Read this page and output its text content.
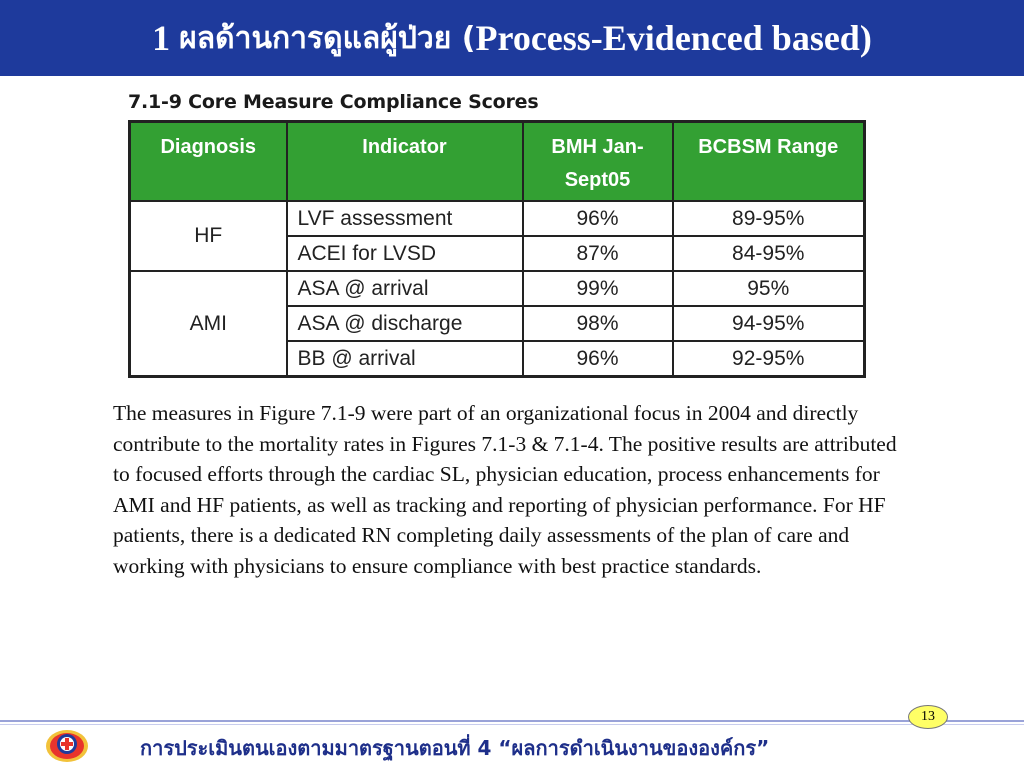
1
ผลด้านการดูแลผู้ป่วย ( Process-Evidenced based )
7.1-9 Core Measure Compliance Scores
Diagnosis	Indicator	BMH Jan-Sept05	BCBSM Range
HF	LVF assessment	96%	89-95%
	ACEI for LVSD	87%	84-95%
AMI	ASA @ arrival	99%	95%
	ASA @ discharge	98%	94-95%
	BB @ arrival	96%	92-95%
The measures in Figure 7.1-9 were part of an organizational focus in 2004 and directly contribute to the mortality rates in Figures 7.1-3 & 7.1-4. The positive results are attributed to focused efforts through the cardiac SL, physician education, process enhancements for AMI and HF patients, as well as tracking and reporting of physician performance. For HF patients, there is a dedicated RN completing daily assessments of the plan of care and working with physicians to ensure compliance with best practice standards.
13
การประเมินตนเองตามมาตรฐานตอนที่ 4 “ผลการดำเนินงานขององค์กร”
